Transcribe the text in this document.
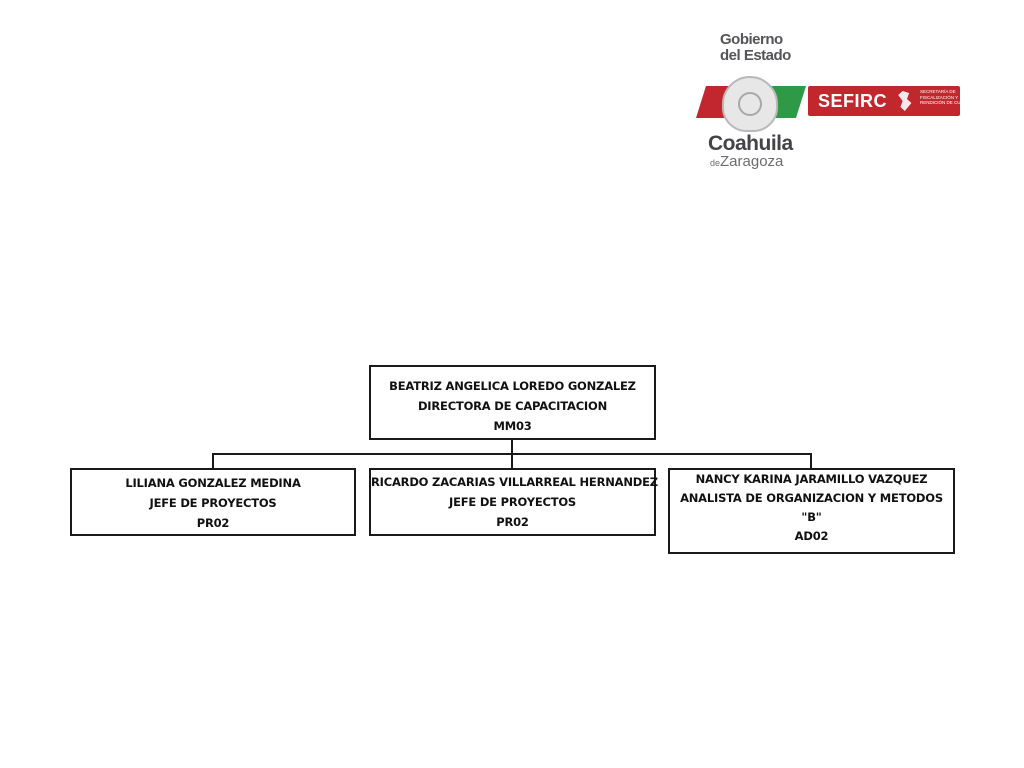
Gobierno
del Estado
SEFIRC	SECRETARÍA DE FISCALIZACIÓN Y RENDICIÓN DE CUENTAS
Coahuila
deZaragoza
BEATRIZ ANGELICA LOREDO GONZALEZ
DIRECTORA DE CAPACITACION
MM03
LILIANA GONZALEZ MEDINA
JEFE DE PROYECTOS
PR02
RICARDO ZACARIAS VILLARREAL HERNANDEZ
JEFE DE PROYECTOS
PR02
NANCY KARINA JARAMILLO VAZQUEZ
ANALISTA DE ORGANIZACION Y METODOS
"B"
AD02
